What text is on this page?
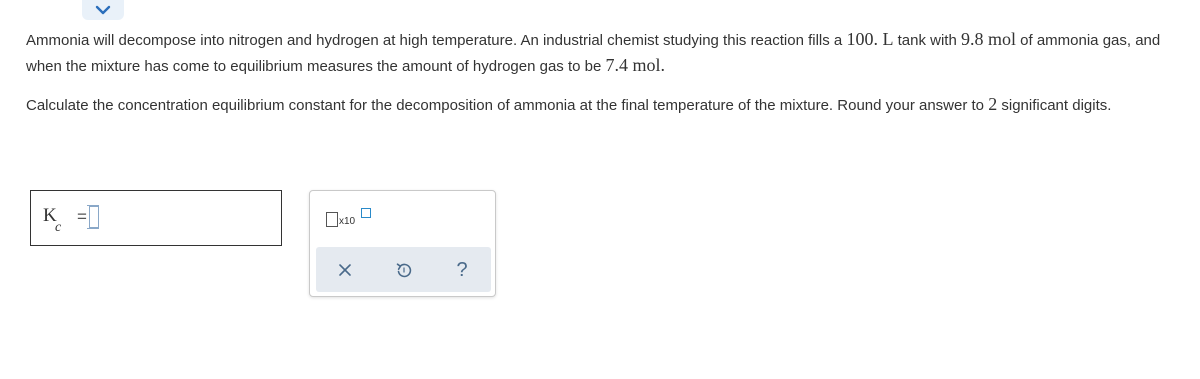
Ammonia will decompose into nitrogen and hydrogen at high temperature. An industrial chemist studying this reaction fills a 100. L tank with 9.8 mol of ammonia gas, and when the mixture has come to equilibrium measures the amount of hydrogen gas to be 7.4 mol.
Calculate the concentration equilibrium constant for the decomposition of ammonia at the final temperature of the mixture. Round your answer to 2 significant digits.
K
c
=	x10
?
